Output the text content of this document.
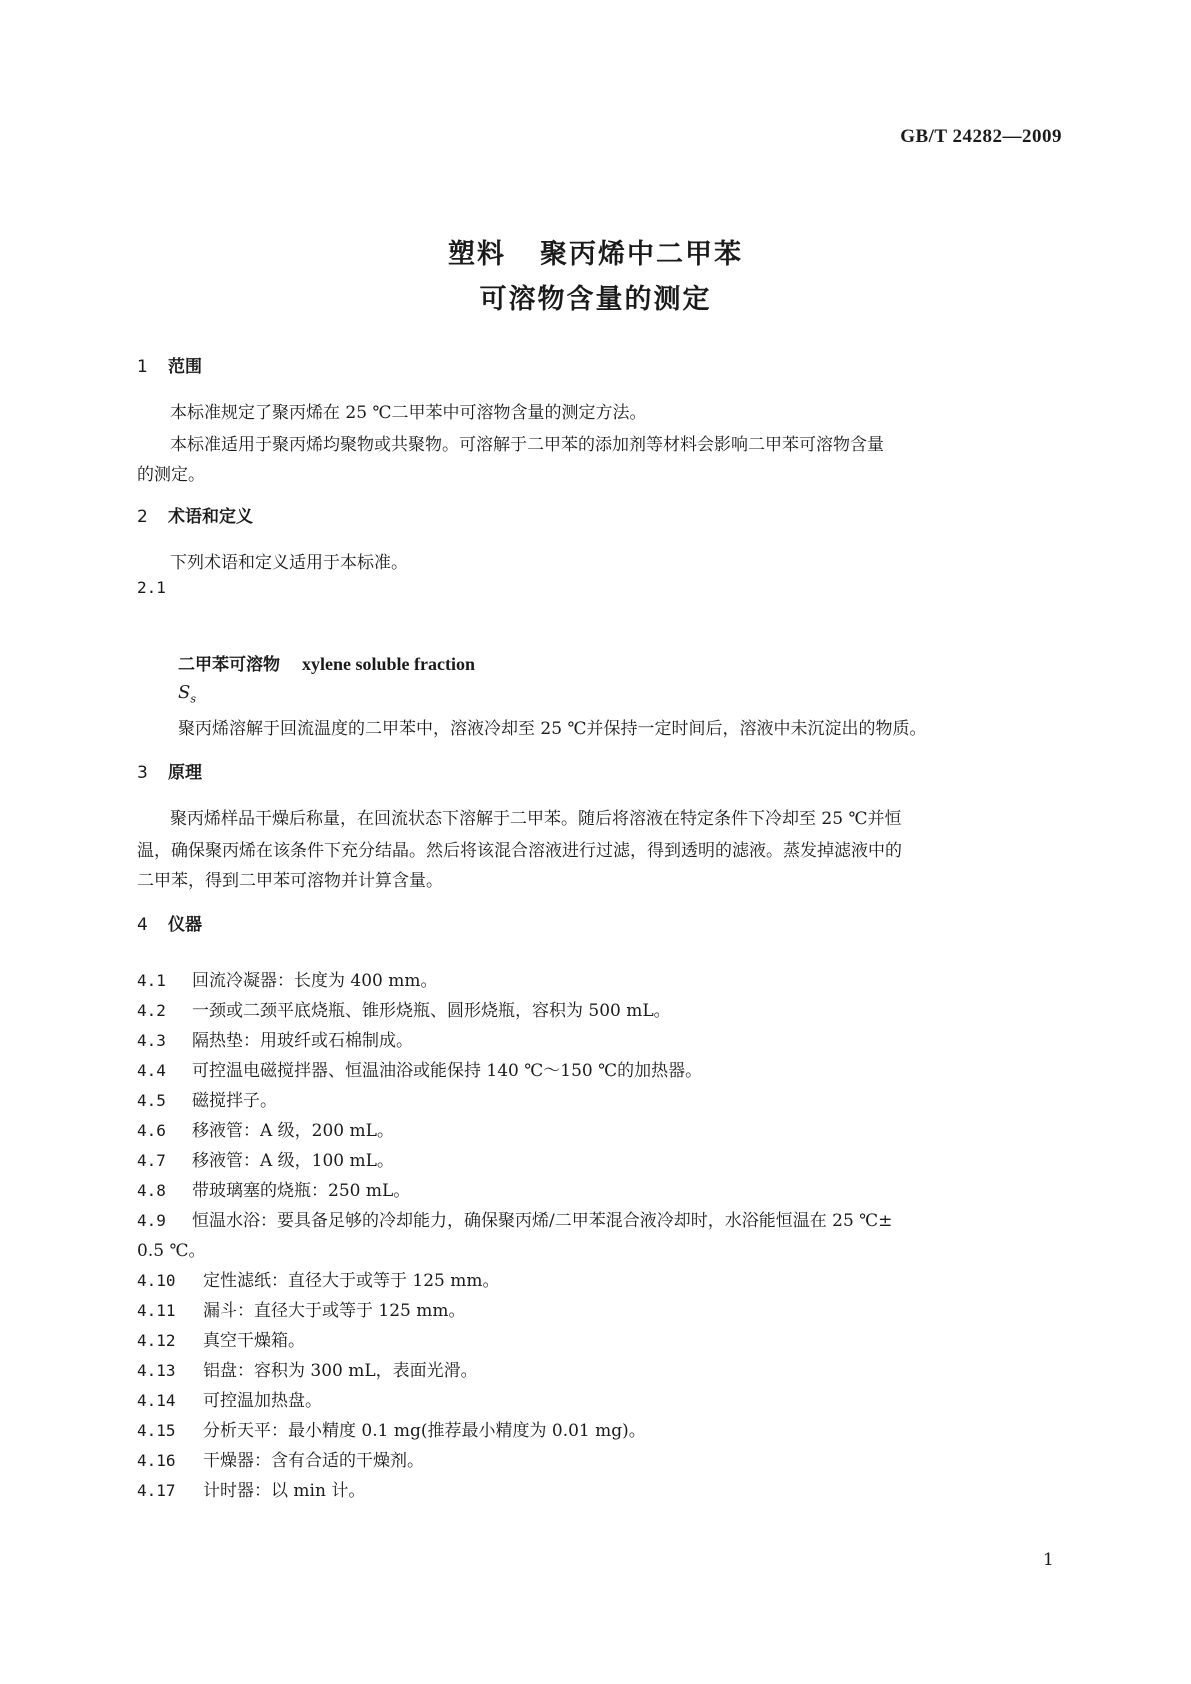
GB/T 24282—2009
塑料 聚丙烯中二甲苯
可溶物含量的测定
1 范围
本标准规定了聚丙烯在 25 ℃二甲苯中可溶物含量的测定方法。
本标准适用于聚丙烯均聚物或共聚物。可溶解于二甲苯的添加剂等材料会影响二甲苯可溶物含量
的测定。
2 术语和定义
下列术语和定义适用于本标准。
2.1
二甲苯可溶物 xylene soluble fraction
$S_s$
聚丙烯溶解于回流温度的二甲苯中，溶液冷却至 25 ℃并保持一定时间后，溶液中未沉淀出的物质。
3 原理
聚丙烯样品干燥后称量，在回流状态下溶解于二甲苯。随后将溶液在特定条件下冷却至 25 ℃并恒
温，确保聚丙烯在该条件下充分结晶。然后将该混合溶液进行过滤，得到透明的滤液。蒸发掉滤液中的
二甲苯，得到二甲苯可溶物并计算含量。
4 仪器
4.1 回流冷凝器：长度为 400 mm。
4.2 一颈或二颈平底烧瓶、锥形烧瓶、圆形烧瓶，容积为 500 mL。
4.3 隔热垫：用玻纤或石棉制成。
4.4 可控温电磁搅拌器、恒温油浴或能保持 140 ℃～150 ℃的加热器。
4.5 磁搅拌子。
4.6 移液管：A 级，200 mL。
4.7 移液管：A 级，100 mL。
4.8 带玻璃塞的烧瓶：250 mL。
4.9 恒温水浴：要具备足够的冷却能力，确保聚丙烯/二甲苯混合液冷却时，水浴能恒温在 25 ℃±
0.5 ℃。
4.10 定性滤纸：直径大于或等于 125 mm。
4.11 漏斗：直径大于或等于 125 mm。
4.12 真空干燥箱。
4.13 铝盘：容积为 300 mL，表面光滑。
4.14 可控温加热盘。
4.15 分析天平：最小精度 0.1 mg(推荐最小精度为 0.01 mg)。
4.16 干燥器：含有合适的干燥剂。
4.17 计时器：以 min 计。
1
